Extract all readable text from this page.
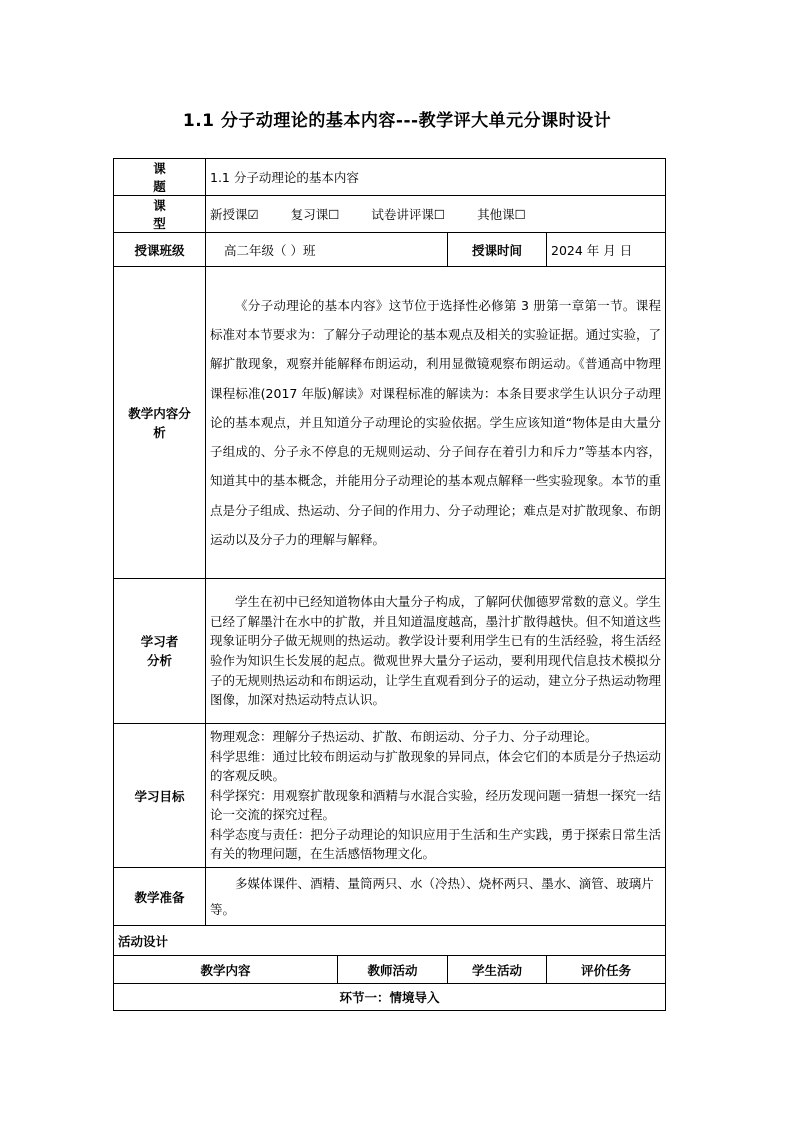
1.1 分子动理论的基本内容---教学评大单元分课时设计
课　题	1.1 分子动理论的基本内容			
课　型	新授课☑ 复习课☐ 试卷讲评课☐ 其他课☐			
授课班级	高二年级（ ）班		授课时间	2024 年 月 日

教学内容分
析	《分子动理论的基本内容》这节位于选择性必修第 3 册第一章第一节。课程标准对本节要求为：了解分子动理论的基本观点及相关的实验证据。通过实验，了解扩散现象，观察并能解释布朗运动，利用显微镜观察布朗运动。《普通高中物理课程标准(2017 年版)解读》对课程标准的解读为：本条目要求学生认识分子动理论的基本观点，并且知道分子动理论的实验依据。学生应该知道“物体是由大量分子组成的、分子永不停息的无规则运动、分子间存在着引力和斥力”等基本内容，知道其中的基本概念，并能用分子动理论的基本观点解释一些实验现象。本节的重点是分子组成、热运动、分子间的作用力、分子动理论；难点是对扩散现象、布朗运动以及分子力的理解与解释。			

学习者
分析	学生在初中已经知道物体由大量分子构成，了解阿伏伽德罗常数的意义。学生已经了解墨汁在水中的扩散，并且知道温度越高，墨汁扩散得越快。但不知道这些现象证明分子做无规则的热运动。教学设计要利用学生已有的生活经验，将生活经验作为知识生长发展的起点。微观世界大量分子运动，要利用现代信息技术模拟分子的无规则热运动和布朗运动，让学生直观看到分子的运动，建立分子热运动物理图像，加深对热运动特点认识。			
学习目标	物理观念：理解分子热运动、扩散、布朗运动、分子力、分子动理论。
科学思维：通过比较布朗运动与扩散现象的异同点，体会它们的本质是分子热运动的客观反映。
科学探究：用观察扩散现象和酒精与水混合实验，经历发现问题一猜想一探究一结论一交流的探究过程。
科学态度与责任：把分子动理论的知识应用于生活和生产实践，勇于探索日常生活有关的物理问题，在生活感悟物理文化。			

教学准备	多媒体课件、酒精、量筒两只、水（冷热）、烧杯两只、墨水、滴管、玻璃片等。			
活动设计				
教学内容		教师活动	学生活动	评价任务
环节一：情境导入				
